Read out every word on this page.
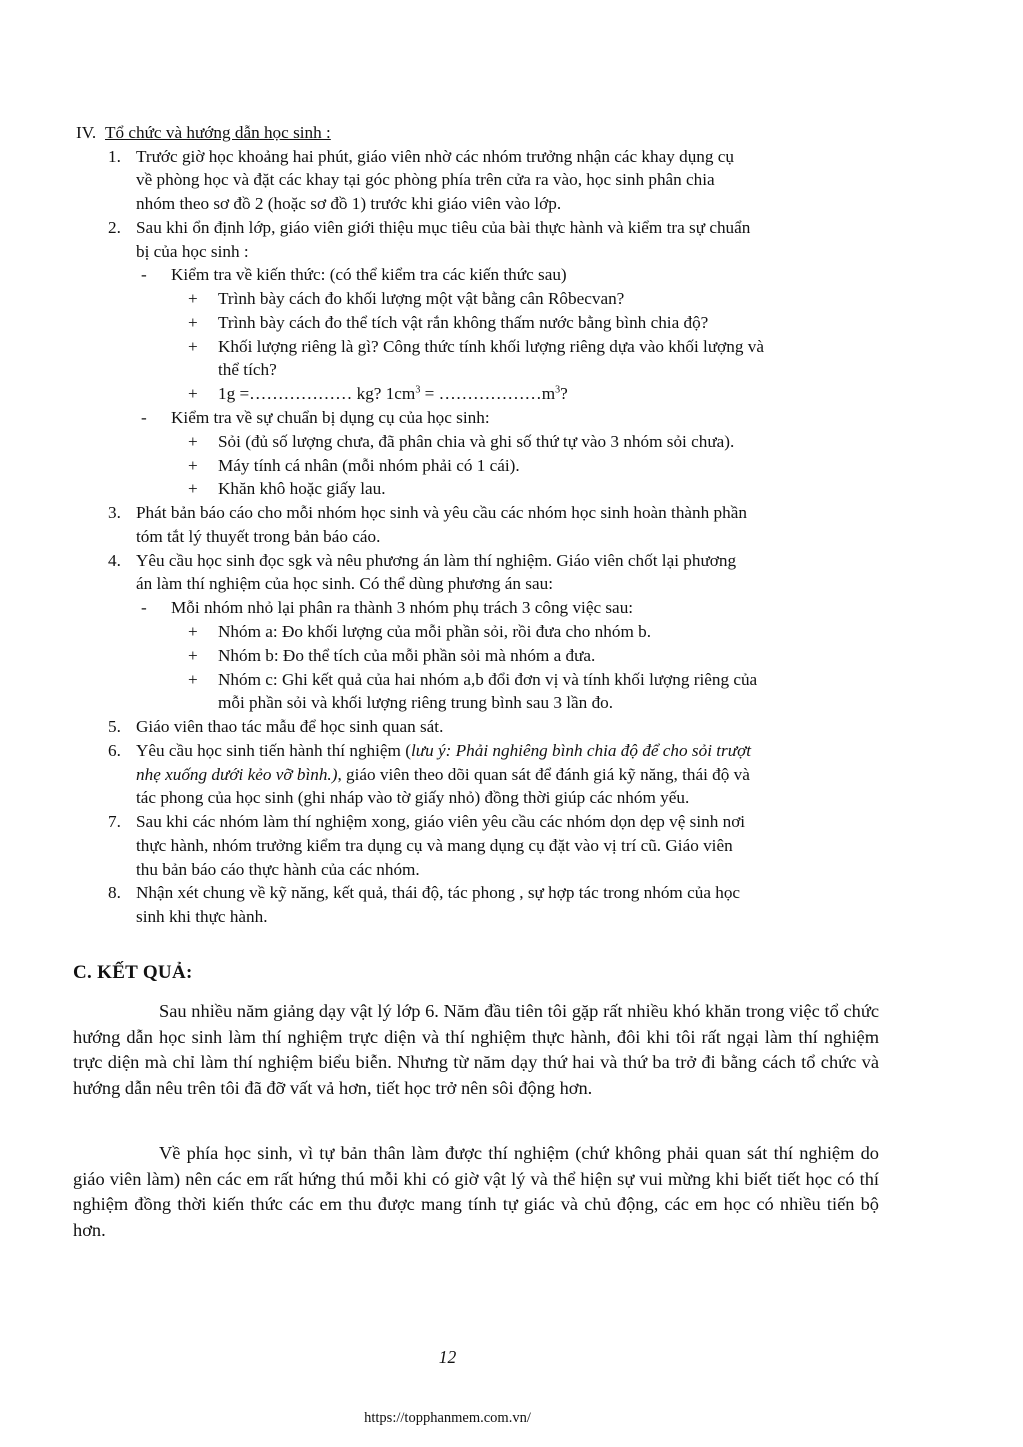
IV. Tổ chức và hướng dẫn học sinh :
1. Trước giờ học khoảng hai phút, giáo viên nhờ các nhóm trưởng nhận các khay dụng cụ
về phòng học và đặt các khay tại góc phòng phía trên cửa ra vào, học sinh phân chia
nhóm theo sơ đồ 2 (hoặc sơ đồ 1) trước khi giáo viên vào lớp.
2. Sau khi ổn định lớp, giáo viên giới thiệu mục tiêu của bài thực hành và kiểm tra sự chuẩn
bị của học sinh :
- Kiểm tra về kiến thức: (có thể kiểm tra các kiến thức sau)
+ Trình bày cách đo khối lượng một vật bằng cân Rôbecvan?
+ Trình bày cách đo thể tích vật rắn không thấm nước bằng bình chia độ?
+ Khối lượng riêng là gì? Công thức tính khối lượng riêng dựa vào khối lượng và
thể tích?
+ 1g =……………… kg? $1cm^3$ = $\dots\dots\dots\dots\dots\dots m^3$?
- Kiểm tra về sự chuẩn bị dụng cụ của học sinh:
+ Sỏi (đủ số lượng chưa, đã phân chia và ghi số thứ tự vào 3 nhóm sỏi chưa).
+ Máy tính cá nhân (mỗi nhóm phải có 1 cái).
+ Khăn khô hoặc giấy lau.
3. Phát bản báo cáo cho mỗi nhóm học sinh và yêu cầu các nhóm học sinh hoàn thành phần
tóm tắt lý thuyết trong bản báo cáo.
4. Yêu cầu học sinh đọc sgk và nêu phương án làm thí nghiệm. Giáo viên chốt lại phương
án làm thí nghiệm của học sinh. Có thể dùng phương án sau:
- Mỗi nhóm nhỏ lại phân ra thành 3 nhóm phụ trách 3 công việc sau:
+ Nhóm a: Đo khối lượng của mỗi phần sỏi, rồi đưa cho nhóm b.
+ Nhóm b: Đo thể tích của mỗi phần sỏi mà nhóm a đưa.
+ Nhóm c: Ghi kết quả của hai nhóm a,b đổi đơn vị và tính khối lượng riêng của
mỗi phần sỏi và khối lượng riêng trung bình sau 3 lần đo.
5. Giáo viên thao tác mẫu để học sinh quan sát.
6. Yêu cầu học sinh tiến hành thí nghiệm (lưu ý: Phải nghiêng bình chia độ để cho sỏi trượt
nhẹ xuống dưới kẻo vỡ bình.), giáo viên theo dõi quan sát để đánh giá kỹ năng, thái độ và
tác phong của học sinh (ghi nháp vào tờ giấy nhỏ) đồng thời giúp các nhóm yếu.
7. Sau khi các nhóm làm thí nghiệm xong, giáo viên yêu cầu các nhóm dọn dẹp vệ sinh nơi
thực hành, nhóm trưởng kiểm tra dụng cụ và mang dụng cụ đặt vào vị trí cũ. Giáo viên
thu bản báo cáo thực hành của các nhóm.
8. Nhận xét chung về kỹ năng, kết quả, thái độ, tác phong , sự hợp tác trong nhóm của học
sinh khi thực hành.
C. KẾT QUẢ:

Sau nhiều năm giảng dạy vật lý lớp 6. Năm đầu tiên tôi gặp rất nhiều khó khăn trong việc tổ chức hướng dẫn học sinh làm thí nghiệm trực diện và thí nghiệm thực hành, đôi khi tôi rất ngại làm thí nghiệm trực diện mà chỉ làm thí nghiệm biểu biễn. Nhưng từ năm dạy thứ hai và thứ ba trở đi bằng cách tổ chức và hướng dẫn nêu trên tôi đã đỡ vất vả hơn, tiết học trở nên sôi động hơn.

Về phía học sinh, vì tự bản thân làm được thí nghiệm (chứ không phải quan sát thí nghiệm do giáo viên làm) nên các em rất hứng thú mỗi khi có giờ vật lý và thể hiện sự vui mừng khi biết tiết học có thí nghiệm đồng thời kiến thức các em thu được mang tính tự giác và chủ động, các em học có nhiều tiến bộ hơn.

12
https://topphanmem.com.vn/
